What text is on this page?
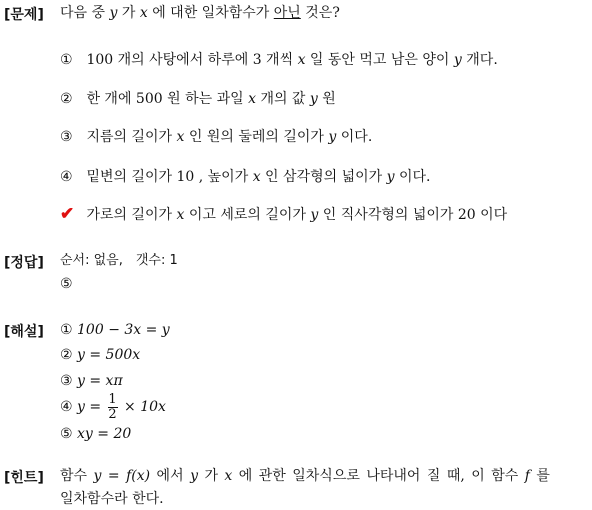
[문제] 다음 중 y 가 x 에 대한 일차함수가 아닌 것은?
① 100 개의 사탕에서 하루에 3 개씩 x 일 동안 먹고 남은 양이 y 개다.
② 한 개에 500 원 하는 과일 x 개의 값 y 원
③ 지름의 길이가 x 인 원의 둘레의 길이가 y 이다.
④ 밑변의 길이가 10 , 높이가 x 인 삼각형의 넓이가 y 이다.
✔ 가로의 길이가 x 이고 세로의 길이가 y 인 직사각형의 넓이가 20 이다
[정답] 순서: 없음,　갯수: 1
⑤
[해설] ① 100 − 3x = y
② y = 500x
③ y = xπ
④ $y = \frac{1}{2} \times 10x$
⑤ xy = 20
[힌트] 함수 y = f(x) 에서 y 가 x 에 관한 일차식으로 나타내어 질 때, 이 함수 f 를
일차함수라 한다.
